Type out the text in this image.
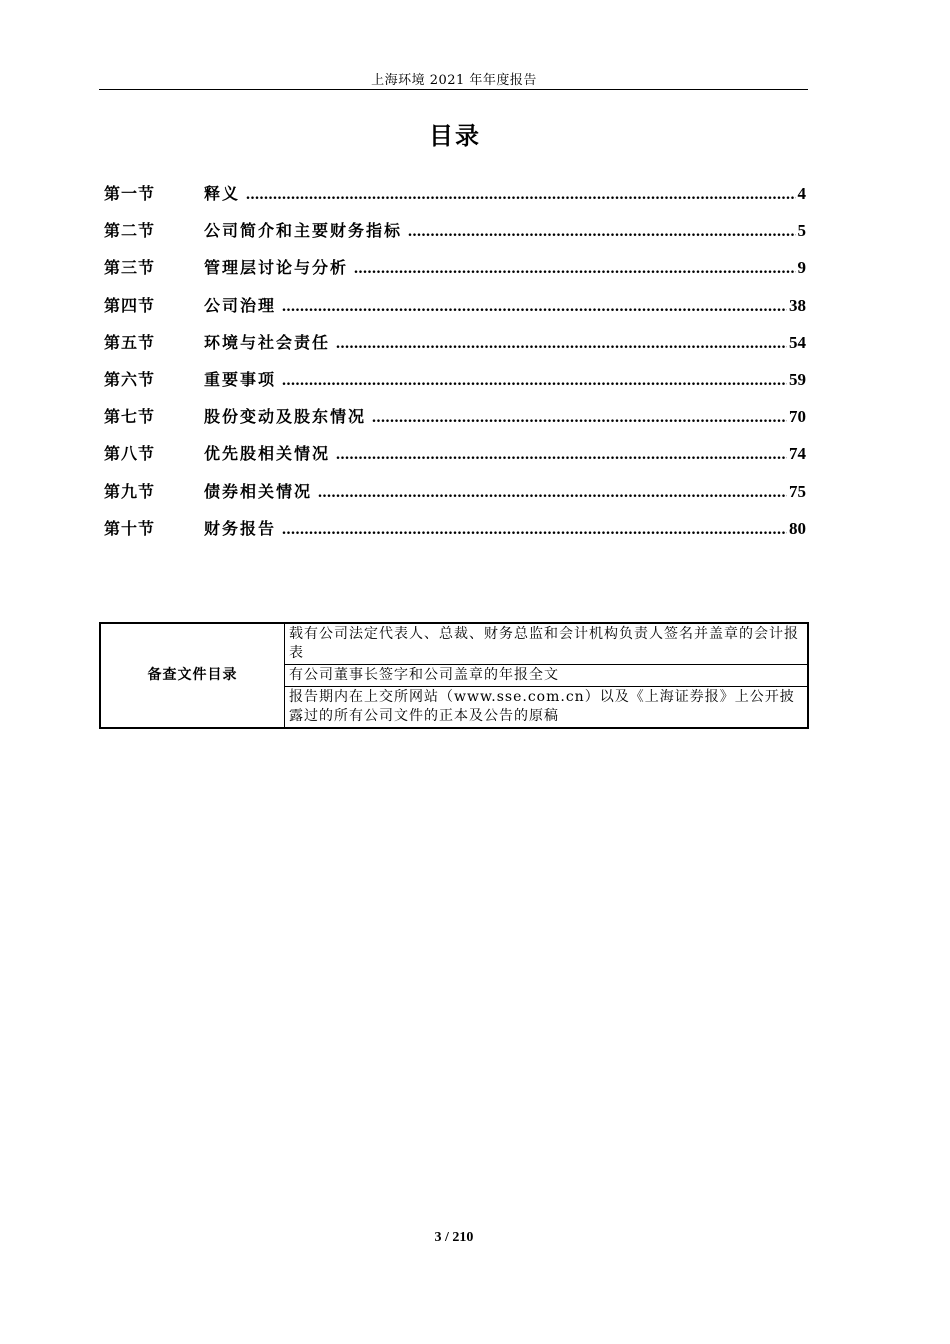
上海环境 2021 年年度报告
目录
第一节	释义 .....	4
第二节	公司简介和主要财务指标 .....	5
第三节	管理层讨论与分析 .....	9
第四节	公司治理 .....	38
第五节	环境与社会责任 .....	54
第六节	重要事项 .....	59
第七节	股份变动及股东情况 .....	70
第八节	优先股相关情况 .....	74
第九节	债券相关情况 .....	75
第十节	财务报告 .....	80
备查文件目录	载有公司法定代表人、总裁、财务总监和会计机构负责人签名并盖章的会计报表
有公司董事长签字和公司盖章的年报全文
报告期内在上交所网站（www.sse.com.cn）以及《上海证券报》上公开披露过的所有公司文件的正本及公告的原稿
3 / 210
